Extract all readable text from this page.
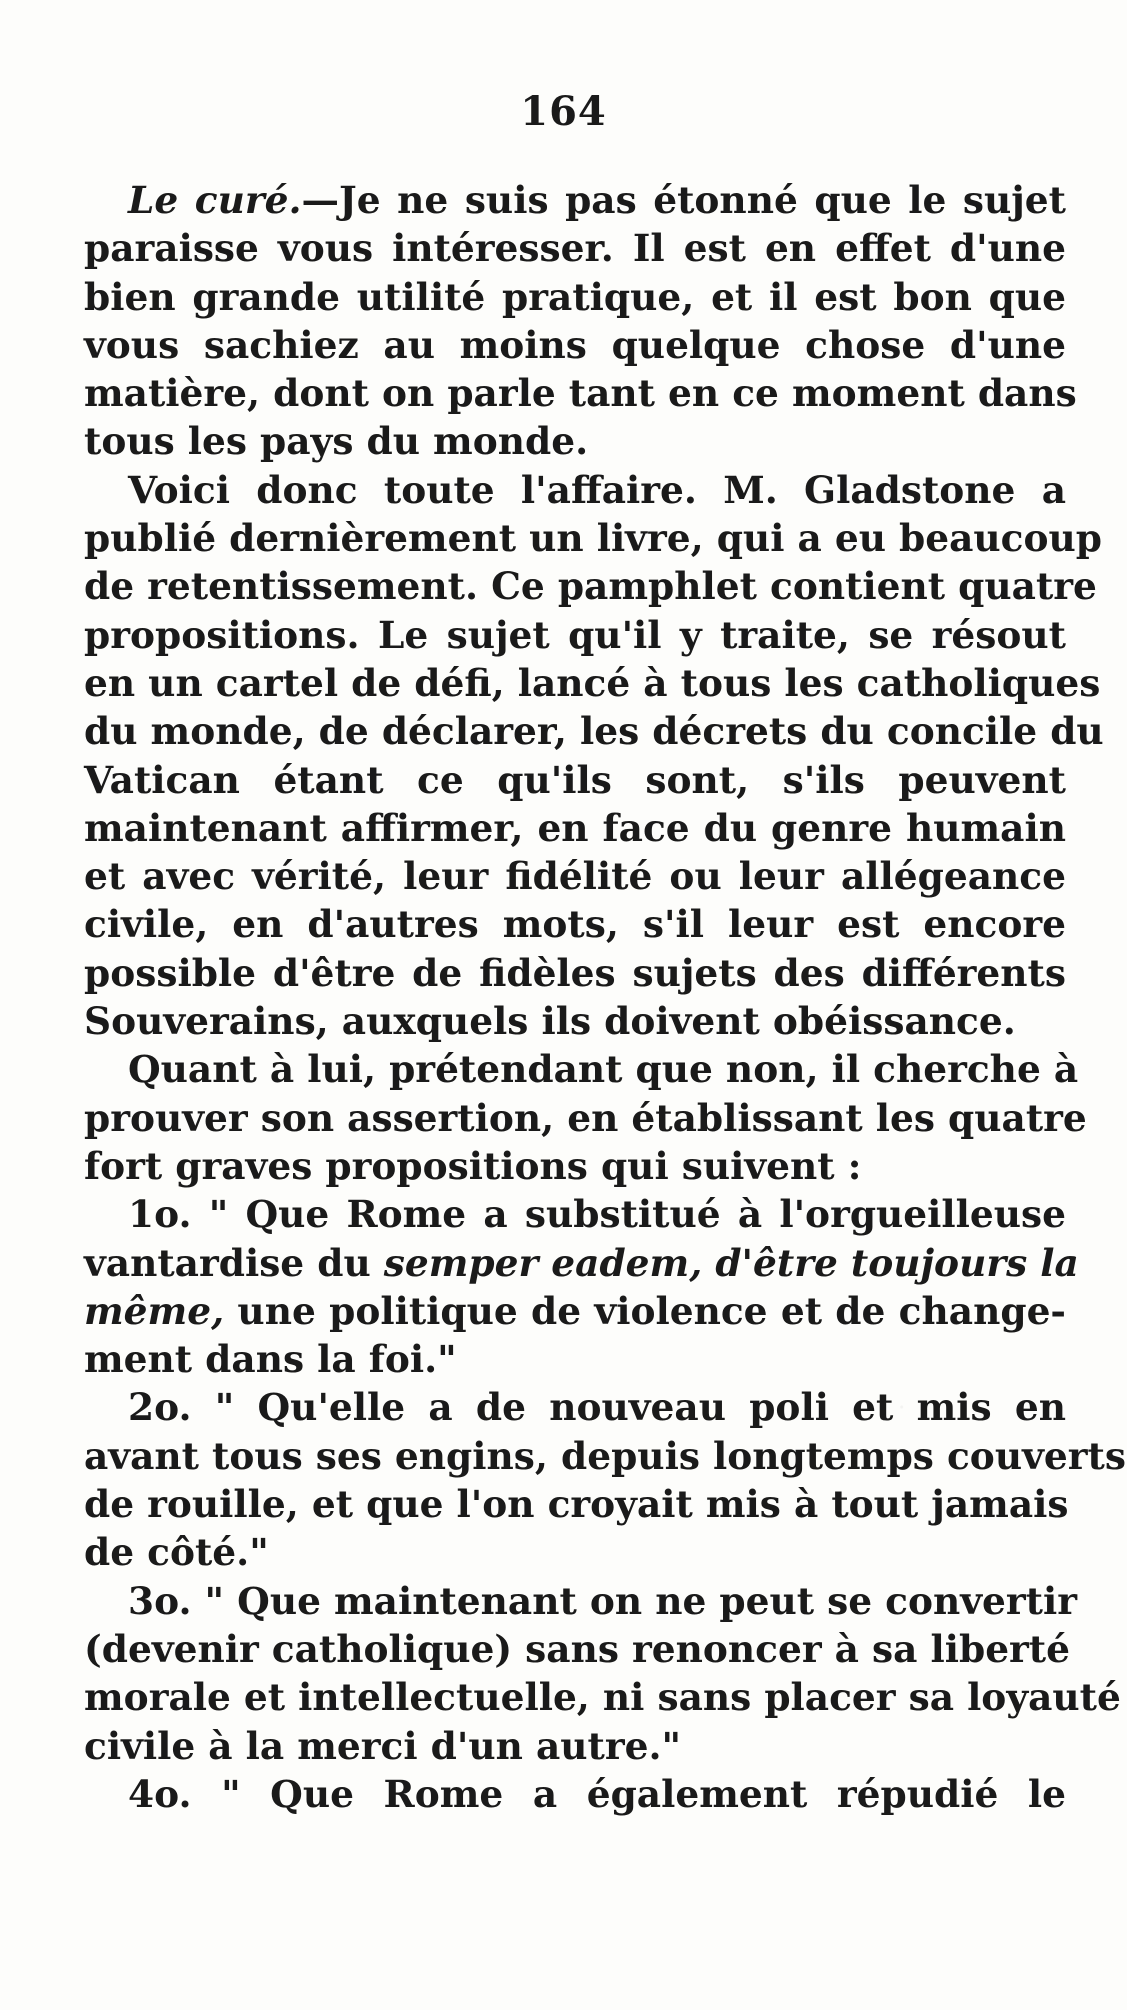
164
Le curé.—Je ne suis pas étonné que le sujet
paraisse vous intéresser. Il est en effet d'une
bien grande utilité pratique, et il est bon que
vous sachiez au moins quelque chose d'une
matière, dont on parle tant en ce moment dans
tous les pays du monde.
Voici donc toute l'affaire. M. Gladstone a
publié dernièrement un livre, qui a eu beaucoup
de retentissement. Ce pamphlet contient quatre
propositions. Le sujet qu'il y traite, se résout
en un cartel de défi, lancé à tous les catholiques
du monde, de déclarer, les décrets du concile du
Vatican étant ce qu'ils sont, s'ils peuvent
maintenant affirmer, en face du genre humain
et avec vérité, leur fidélité ou leur allégeance
civile, en d'autres mots, s'il leur est encore
possible d'être de fidèles sujets des différents
Souverains, auxquels ils doivent obéissance.
Quant à lui, prétendant que non, il cherche à
prouver son assertion, en établissant les quatre
fort graves propositions qui suivent :
1o. " Que Rome a substitué à l'orgueilleuse
vantardise du semper eadem, d'être toujours la
même, une politique de violence et de change-
ment dans la foi."
2o. " Qu'elle a de nouveau poli et mis en
avant tous ses engins, depuis longtemps couverts
de rouille, et que l'on croyait mis à tout jamais
de côté."
3o. " Que maintenant on ne peut se convertir
(devenir catholique) sans renoncer à sa liberté
morale et intellectuelle, ni sans placer sa loyauté
civile à la merci d'un autre."
4o. " Que Rome a également répudié le
